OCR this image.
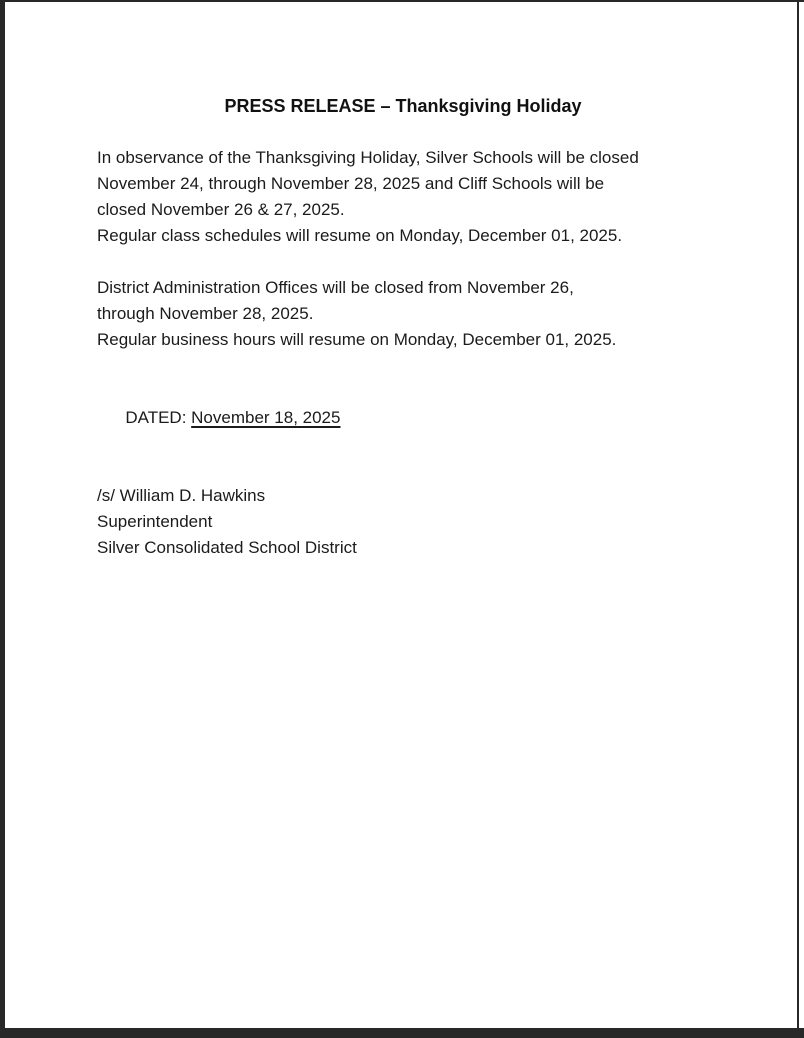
PRESS RELEASE – Thanksgiving Holiday
In observance of the Thanksgiving Holiday, Silver Schools will be closed
November 24, through November 28, 2025 and Cliff Schools will be
closed November 26 & 27, 2025.
Regular class schedules will resume on Monday, December 01, 2025.
District Administration Offices will be closed from November 26,
through November 28, 2025.
Regular business hours will resume on Monday, December 01, 2025.

DATED: November 18, 2025

/s/ William D. Hawkins
Superintendent
Silver Consolidated School District
